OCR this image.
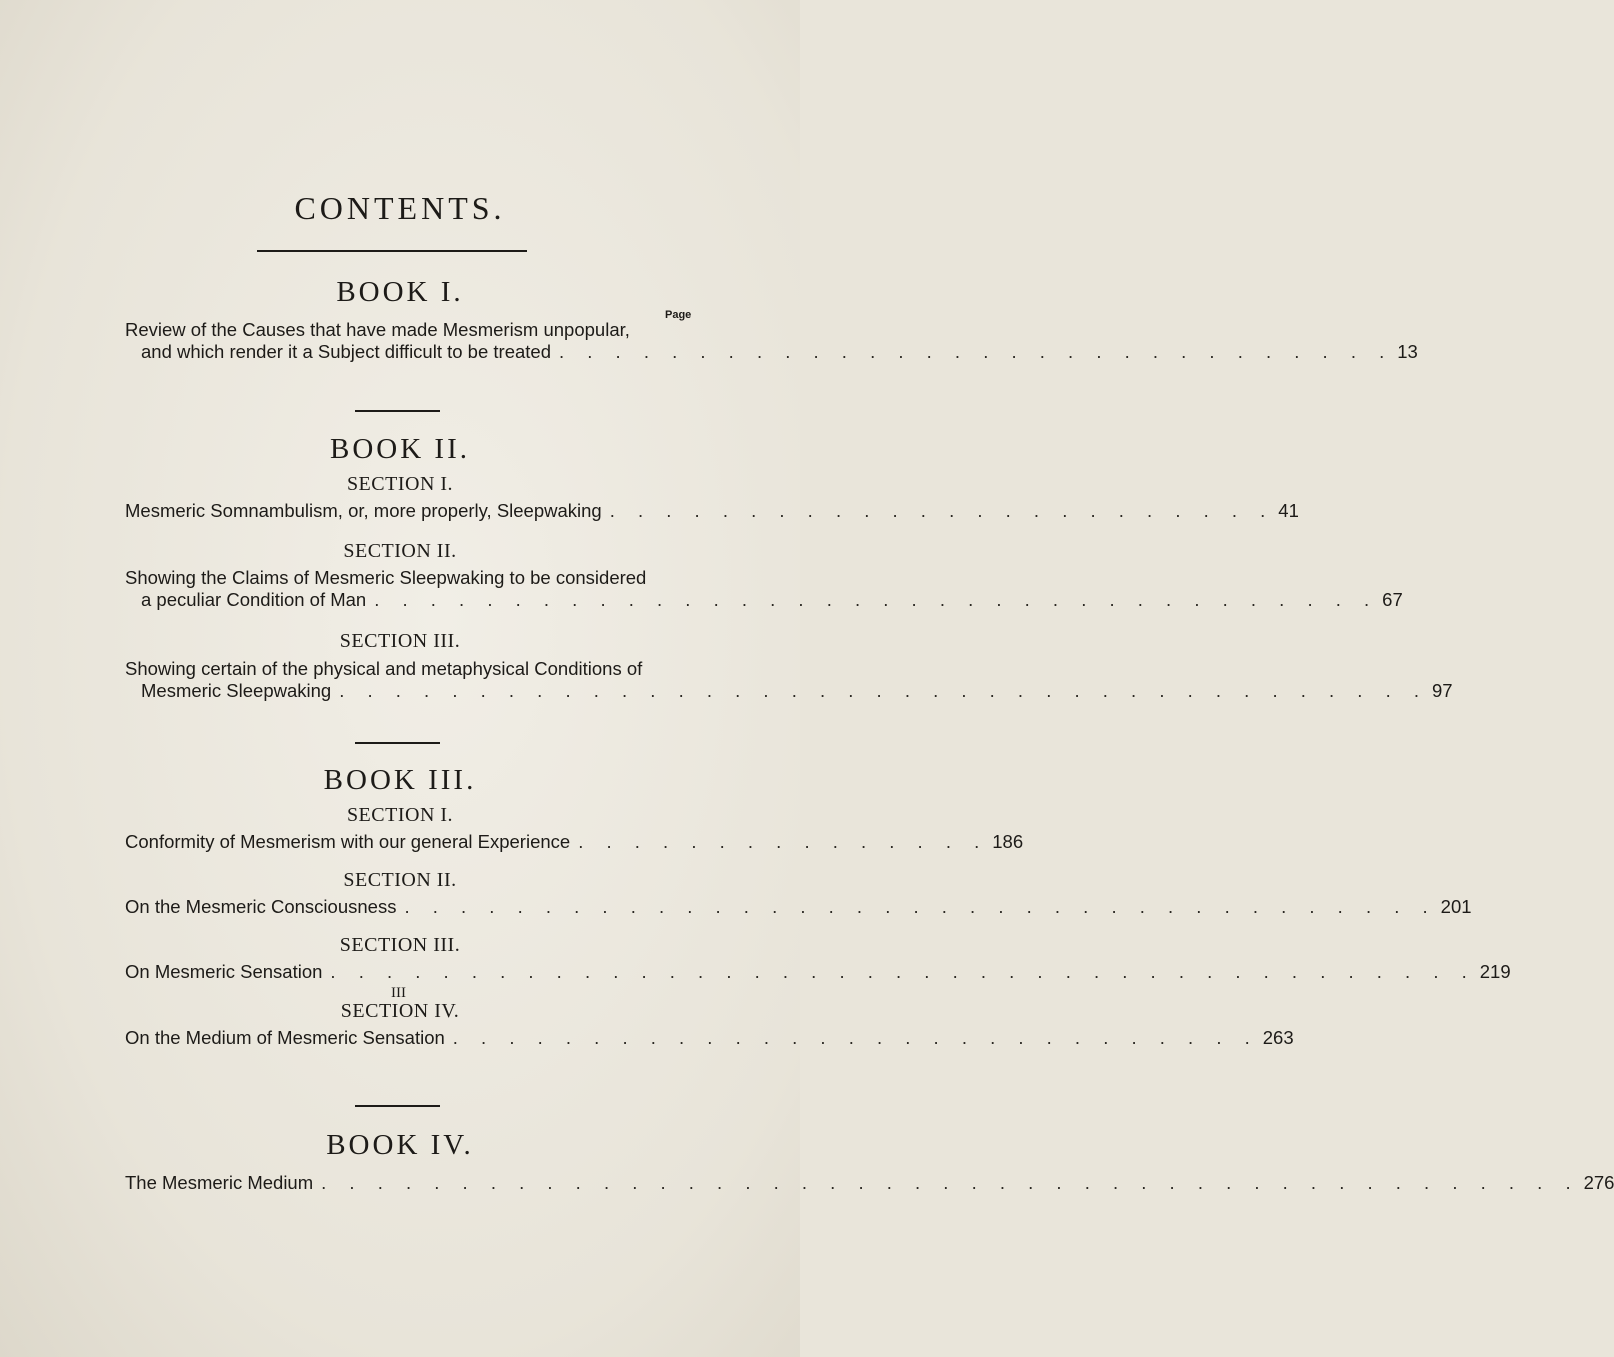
CONTENTS.
BOOK I.
Page
Review of the Causes that have made Mesmerism unpopular,
and which render it a Subject difficult to be treated . . . . . . . . . . . . . . . . . . . . . . . . . . . . . . 13
BOOK II.
SECTION I.
Mesmeric Somnambulism, or, more properly, Sleepwaking . . . . . . . . . . . . . . . . . . . . . . . . 41
SECTION II.
Showing the Claims of Mesmeric Sleepwaking to be considered
a peculiar Condition of Man . . . . . . . . . . . . . . . . . . . . . . . . . . . . . . . . . . . . 67
SECTION III.
Showing certain of the physical and metaphysical Conditions of
Mesmeric Sleepwaking . . . . . . . . . . . . . . . . . . . . . . . . . . . . . . . . . . . . . . . 97
BOOK III.
SECTION I.
Conformity of Mesmerism with our general Experience . . . . . . . . . . . . . . . 186
SECTION II.
On the Mesmeric Consciousness . . . . . . . . . . . . . . . . . . . . . . . . . . . . . . . . . . . . . 201
SECTION III.
On Mesmeric Sensation . . . . . . . . . . . . . . . . . . . . . . . . . . . . . . . . . . . . . . . . . 219
III
SECTION IV.
On the Medium of Mesmeric Sensation . . . . . . . . . . . . . . . . . . . . . . . . . . . . . 263
BOOK IV.
The Mesmeric Medium . . . . . . . . . . . . . . . . . . . . . . . . . . . . . . . . . . . . . . . . . . . . . 276
